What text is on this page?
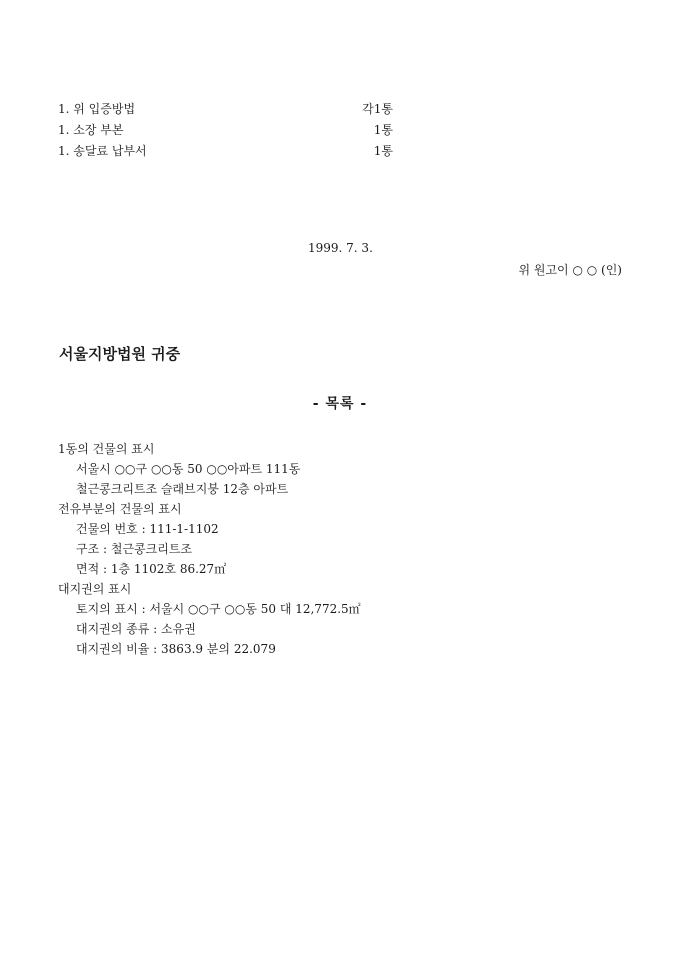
1. 위 입증방법	각1통
1. 소장 부본	1통
1. 송달료 납부서	1통
1999. 7. 3.
위 원고이 ○ ○ (인)
서울지방법원 귀중
- 목록 -
1동의 건물의 표시
서울시 ○○구 ○○동 50 ○○아파트 111동
철근콩크리트조 슬래브지붕 12층 아파트
전유부분의 건물의 표시
건물의 번호 : 111-1-1102
구조 : 철근콩크리트조
면적 : 1층 1102호 86.27㎡
대지권의 표시
토지의 표시 : 서울시 ○○구 ○○동 50 대 12,772.5㎡
대지권의 종류 : 소유권
대지권의 비율 : 3863.9 분의 22.079
